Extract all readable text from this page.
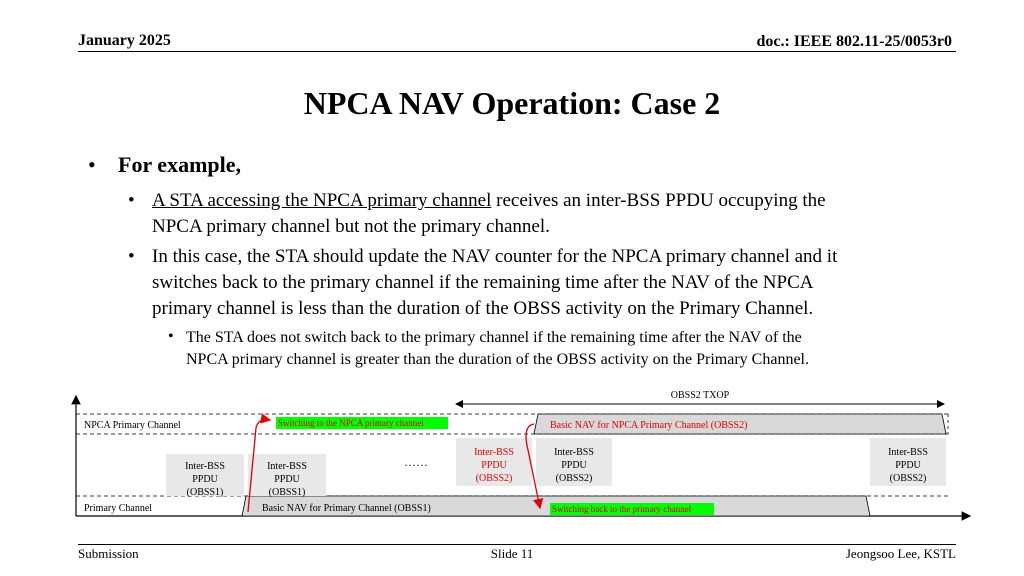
January 2025	doc.: IEEE 802.11-25/0053r0
NPCA NAV Operation: Case 2
• For example,
• A STA accessing the NPCA primary channel receives an inter-BSS PPDU occupying the
NPCA primary channel but not the primary channel.
• In this case, the STA should update the NAV counter for the NPCA primary channel and it
switches back to the primary channel if the remaining time after the NAV of the NPCA
primary channel is less than the duration of the OBSS activity on the Primary Channel.
• The STA does not switch back to the primary channel if the remaining time after the NAV of the
NPCA primary channel is greater than the duration of the OBSS activity on the Primary Channel.
OBSS2 TXOP
NPCA Primary Channel
Primary Channel
Basic NAV for NPCA Primary Channel (OBSS2)
Switching to the NPCA primary channel
Basic NAV for Primary Channel (OBSS1)	Switching back to the primary channel
Inter-BSS
PPDU
(OBSS1)
Inter-BSS
PPDU
(OBSS1)
……
Inter-BSS
PPDU
(OBSS2)
Inter-BSS
PPDU
(OBSS2)
Inter-BSS
PPDU
(OBSS2)
Submission	Slide 11	Jeongsoo Lee, KSTL
